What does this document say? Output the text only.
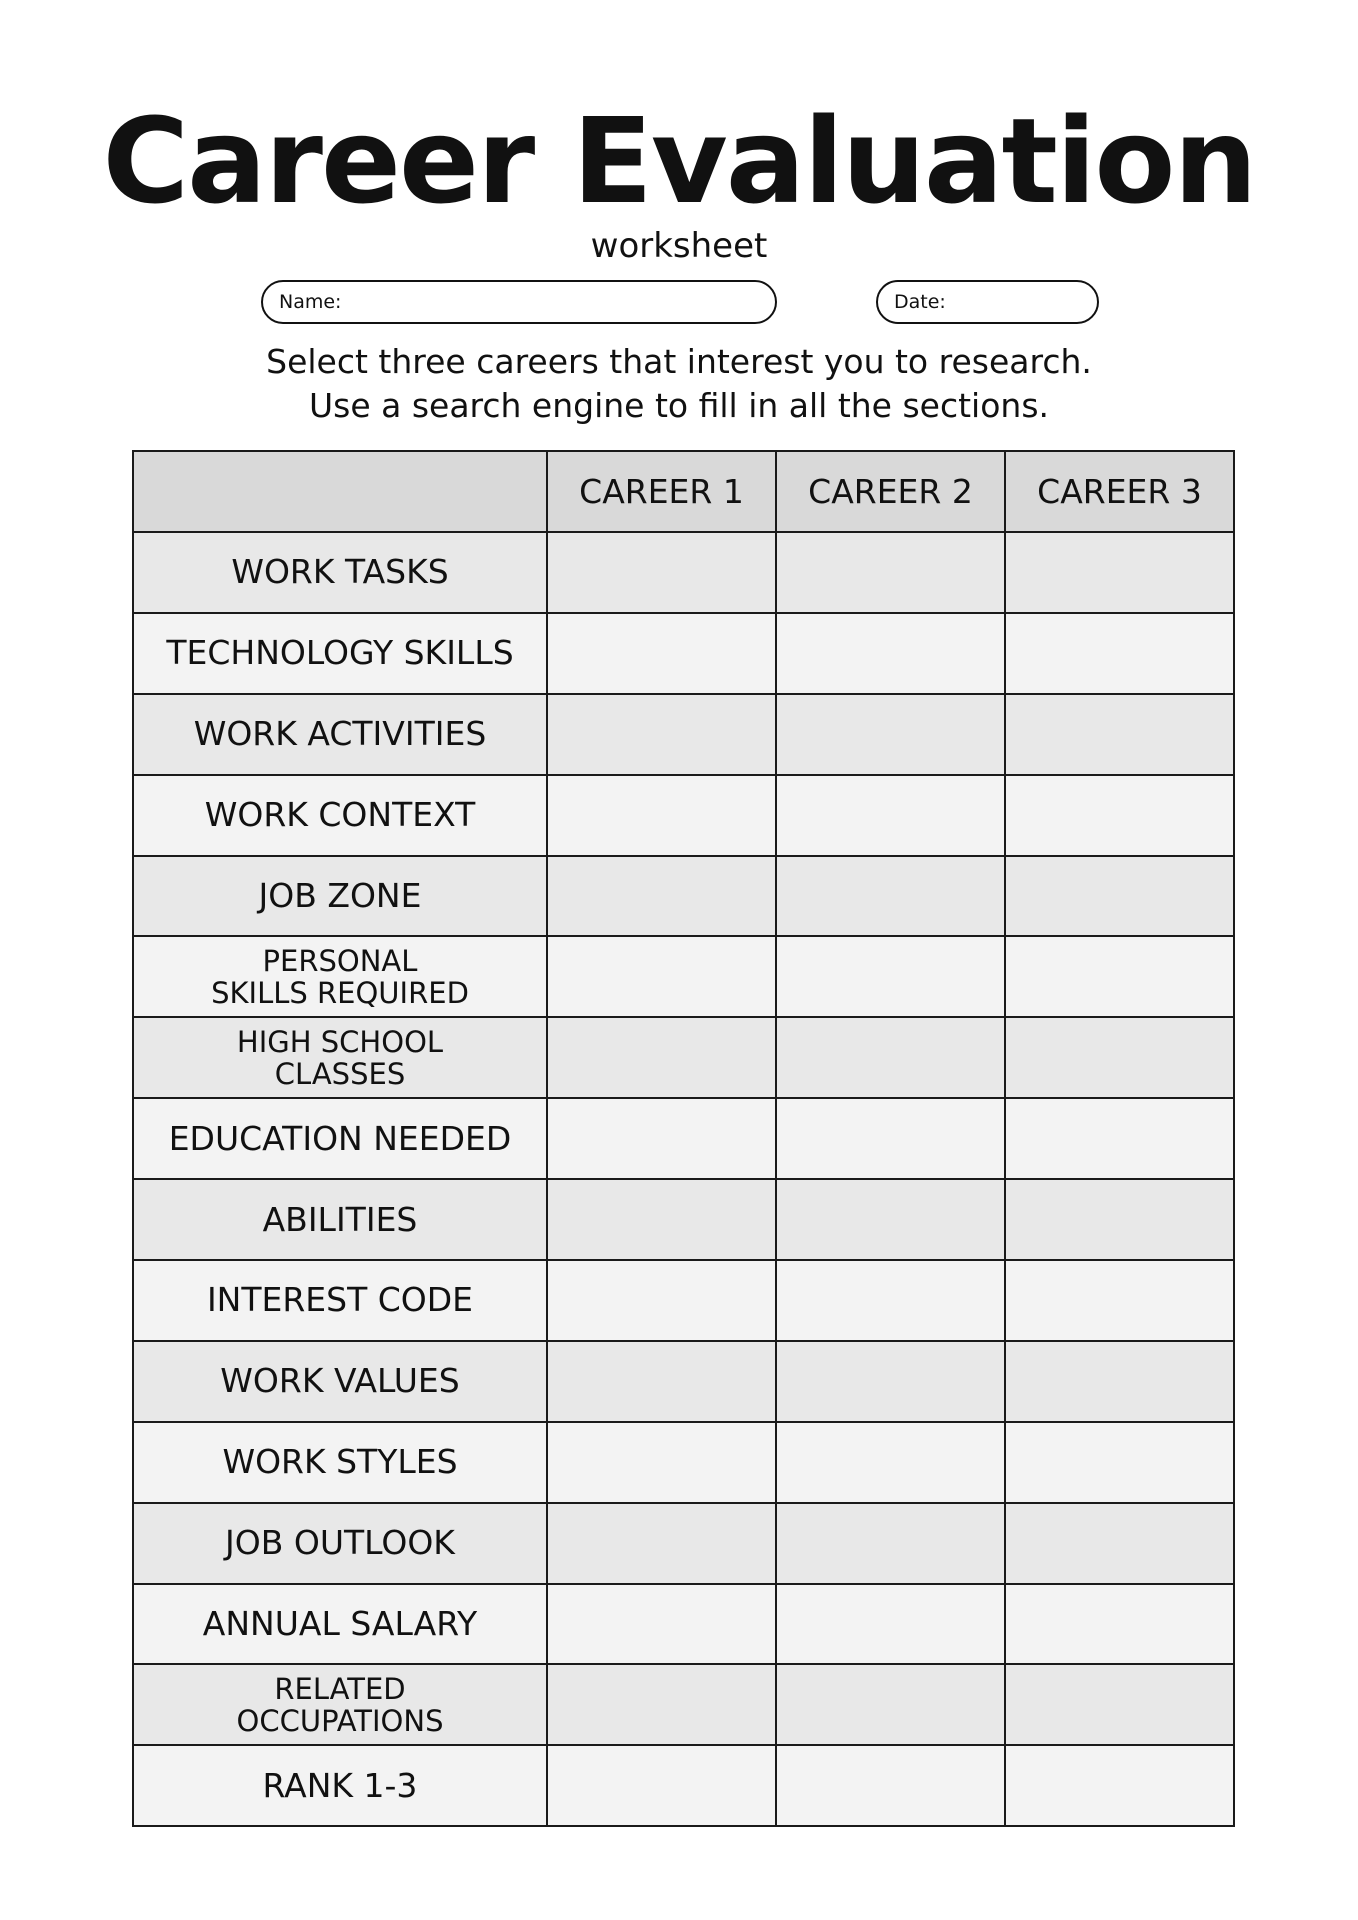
Career Evaluation
worksheet
Name:	Date:
Select three careers that interest you to research.
Use a search engine to fill in all the sections.
	CAREER 1	CAREER 2	CAREER 3

WORK TASKS			

TECHNOLOGY SKILLS			

WORK ACTIVITIES			

WORK CONTEXT			

JOB ZONE			

PERSONAL
SKILLS REQUIRED			

HIGH SCHOOL
CLASSES			

EDUCATION NEEDED			

ABILITIES			

INTEREST CODE			

WORK VALUES			

WORK STYLES			

JOB OUTLOOK			

ANNUAL SALARY			

RELATED
OCCUPATIONS			

RANK 1-3			
